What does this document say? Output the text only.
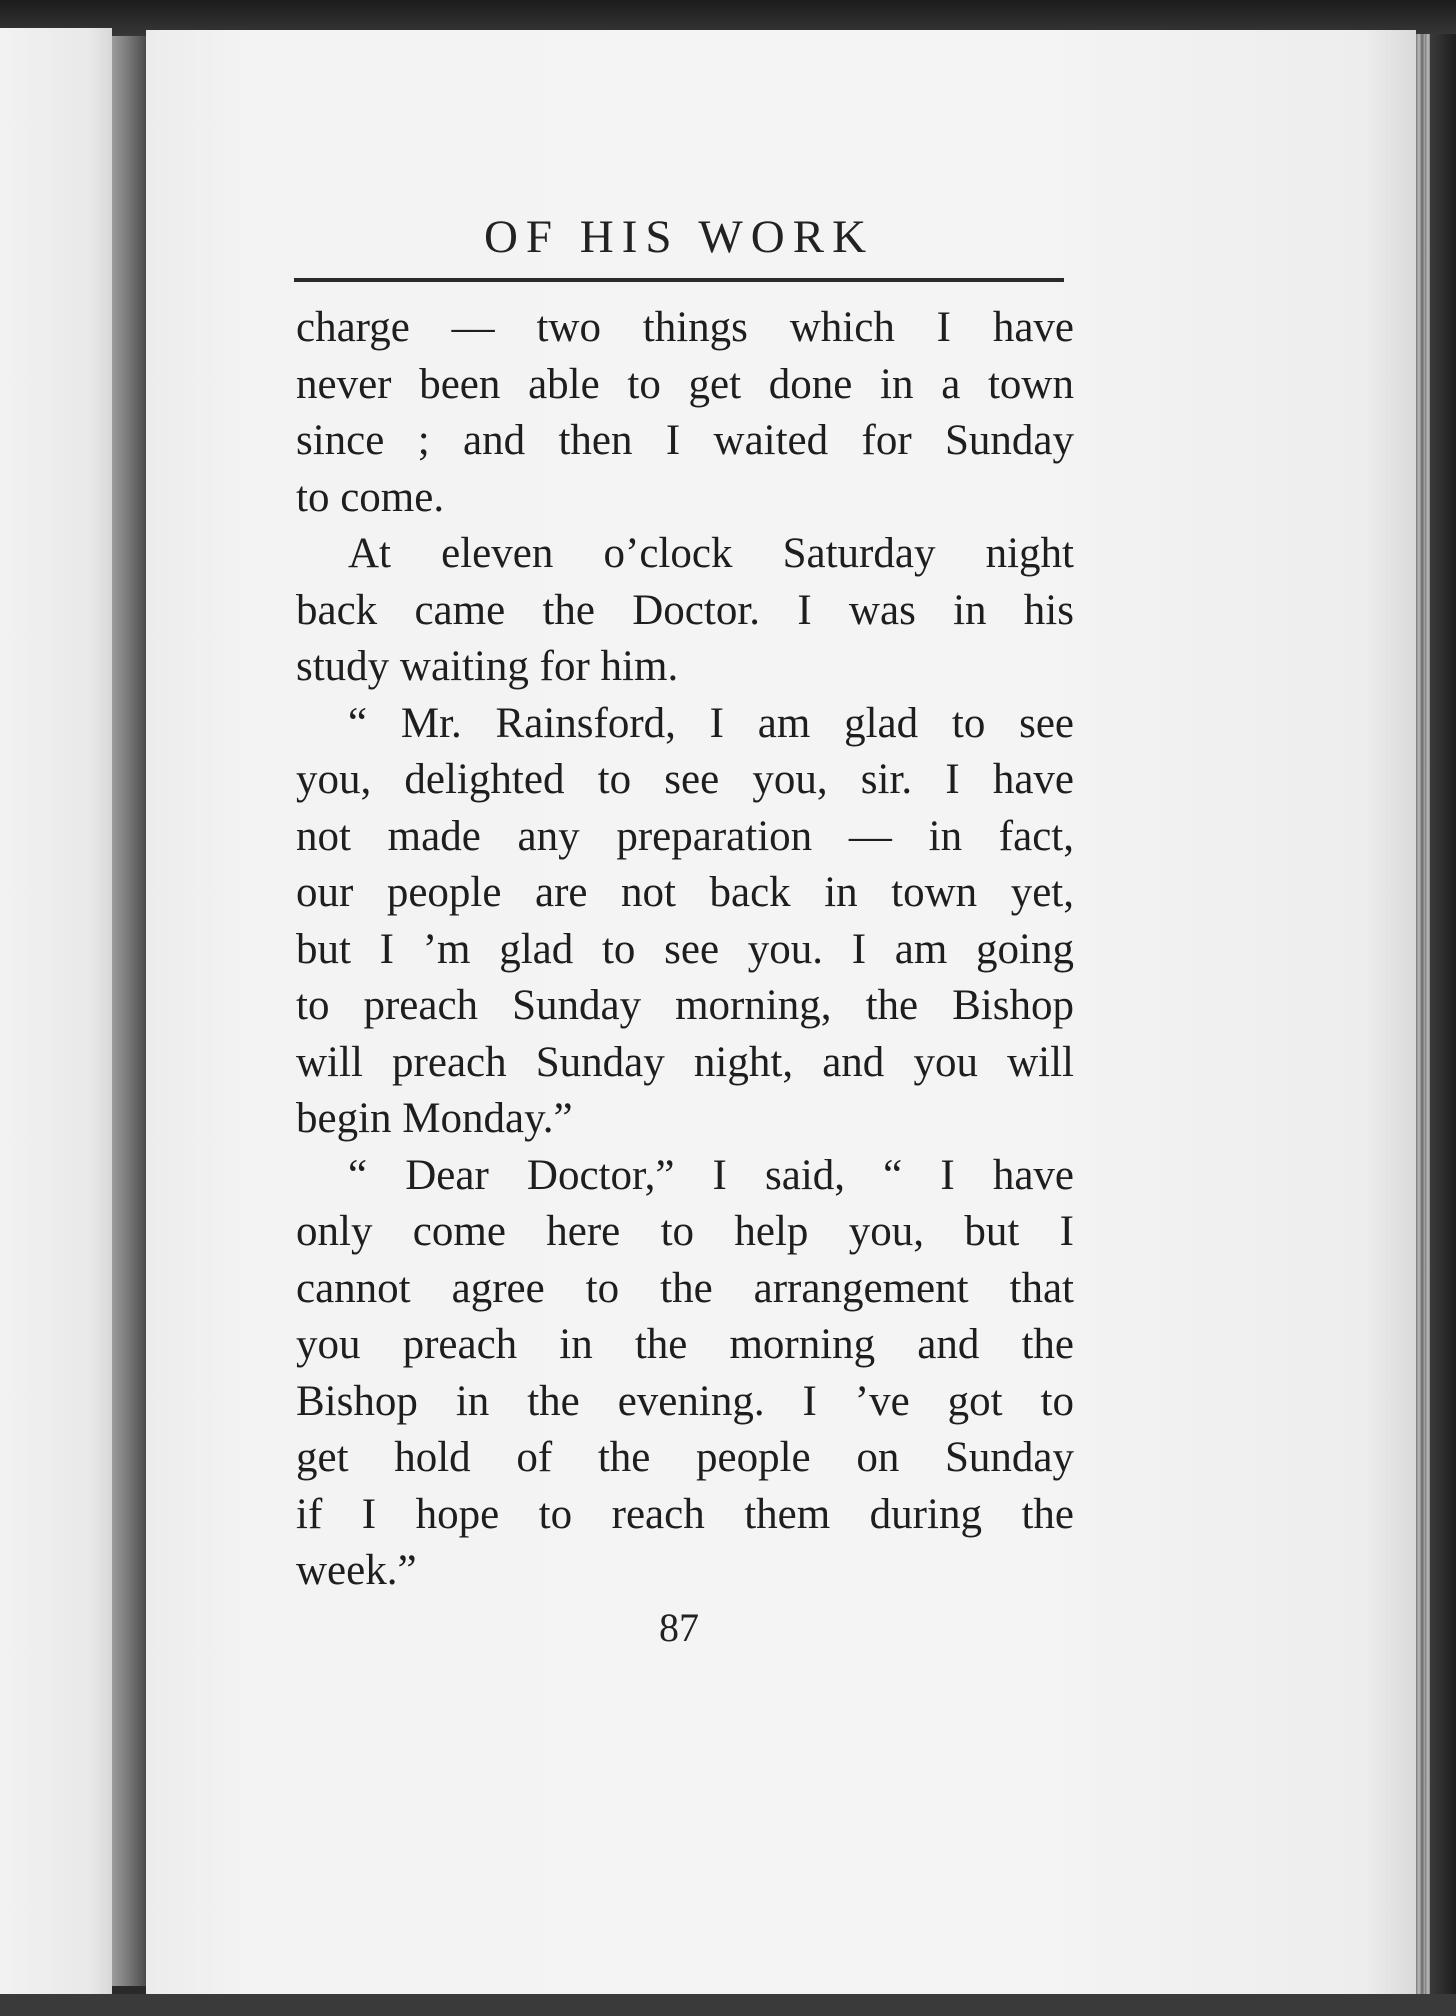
OF HIS WORK
charge — two things which I have
never been able to get done in a town
since ; and then I waited for Sunday
to come.
At eleven o’clock Saturday night
back came the Doctor. I was in his
study waiting for him.
“ Mr. Rainsford, I am glad to see
you, delighted to see you, sir. I have
not made any preparation — in fact,
our people are not back in town yet,
but I ’m glad to see you. I am going
to preach Sunday morning, the Bishop
will preach Sunday night, and you will
begin Monday.”
“ Dear Doctor,” I said, “ I have
only come here to help you, but I
cannot agree to the arrangement that
you preach in the morning and the
Bishop in the evening. I ’ve got to
get hold of the people on Sunday
if I hope to reach them during the
week.”
87
